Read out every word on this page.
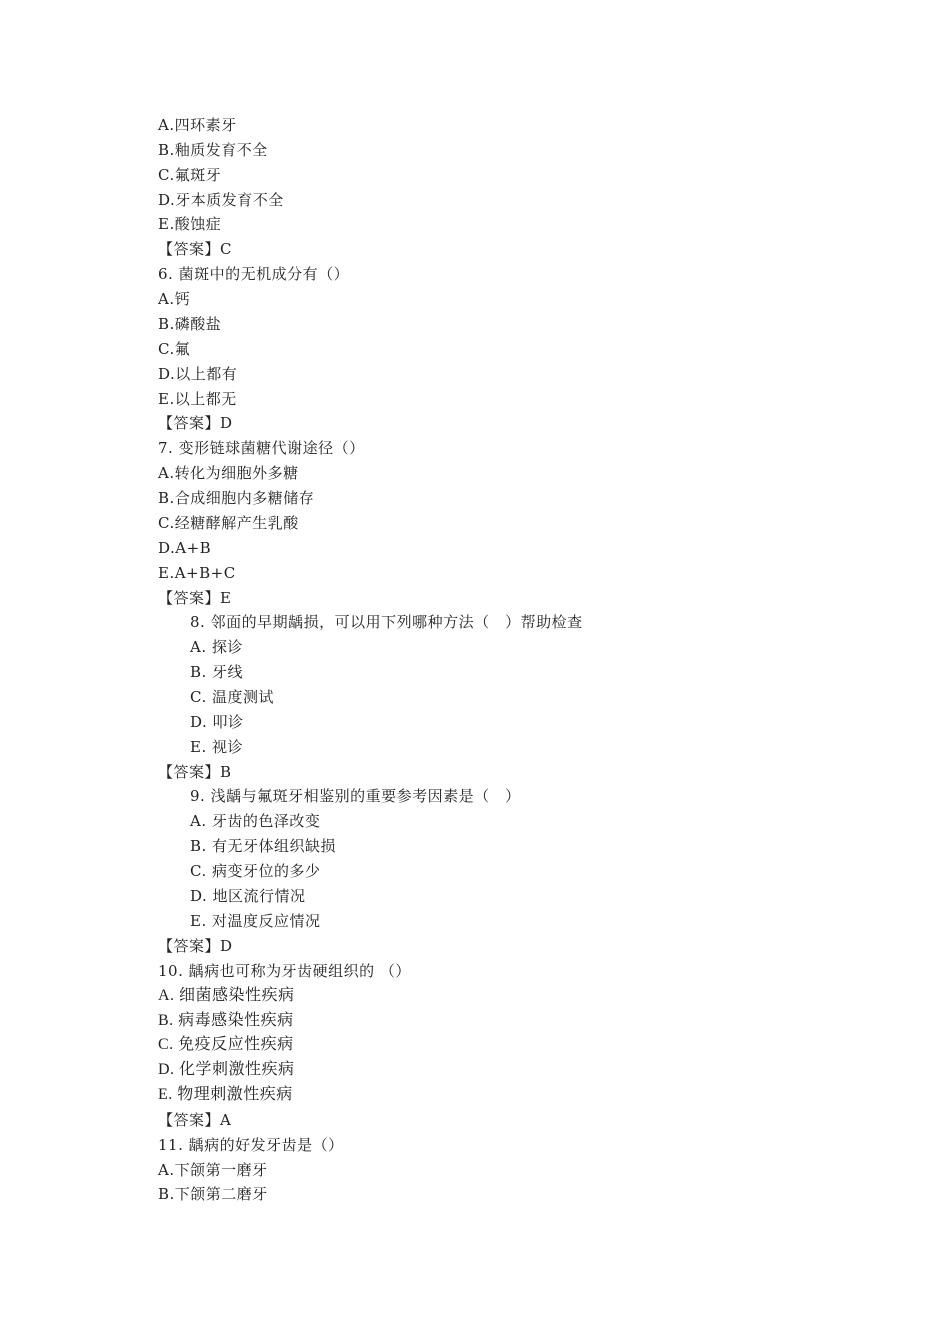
A.四环素牙
B.釉质发育不全
C.氟斑牙
D.牙本质发育不全
E.酸蚀症
【答案】C
6. 菌斑中的无机成分有（）
A.钙
B.磷酸盐
C.氟
D.以上都有
E.以上都无
【答案】D
7. 变形链球菌糖代谢途径（）
A.转化为细胞外多糖
B.合成细胞内多糖储存
C.经糖酵解产生乳酸
D.A+B
E.A+B+C
【答案】E
8. 邻面的早期龋损，可以用下列哪种方法（　）帮助检查
A. 探诊
B. 牙线
C. 温度测试
D. 叩诊
E. 视诊
【答案】B
9. 浅龋与氟斑牙相鉴别的重要参考因素是（　）
A. 牙齿的色泽改变
B. 有无牙体组织缺损
C. 病变牙位的多少
D. 地区流行情况
E. 对温度反应情况
【答案】D
10. 龋病也可称为牙齿硬组织的 （）
A. 细菌感染性疾病
B. 病毒感染性疾病
C. 免疫反应性疾病
D. 化学刺激性疾病
E. 物理刺激性疾病
【答案】A
11. 龋病的好发牙齿是（）
A.下颌第一磨牙
B.下颌第二磨牙
